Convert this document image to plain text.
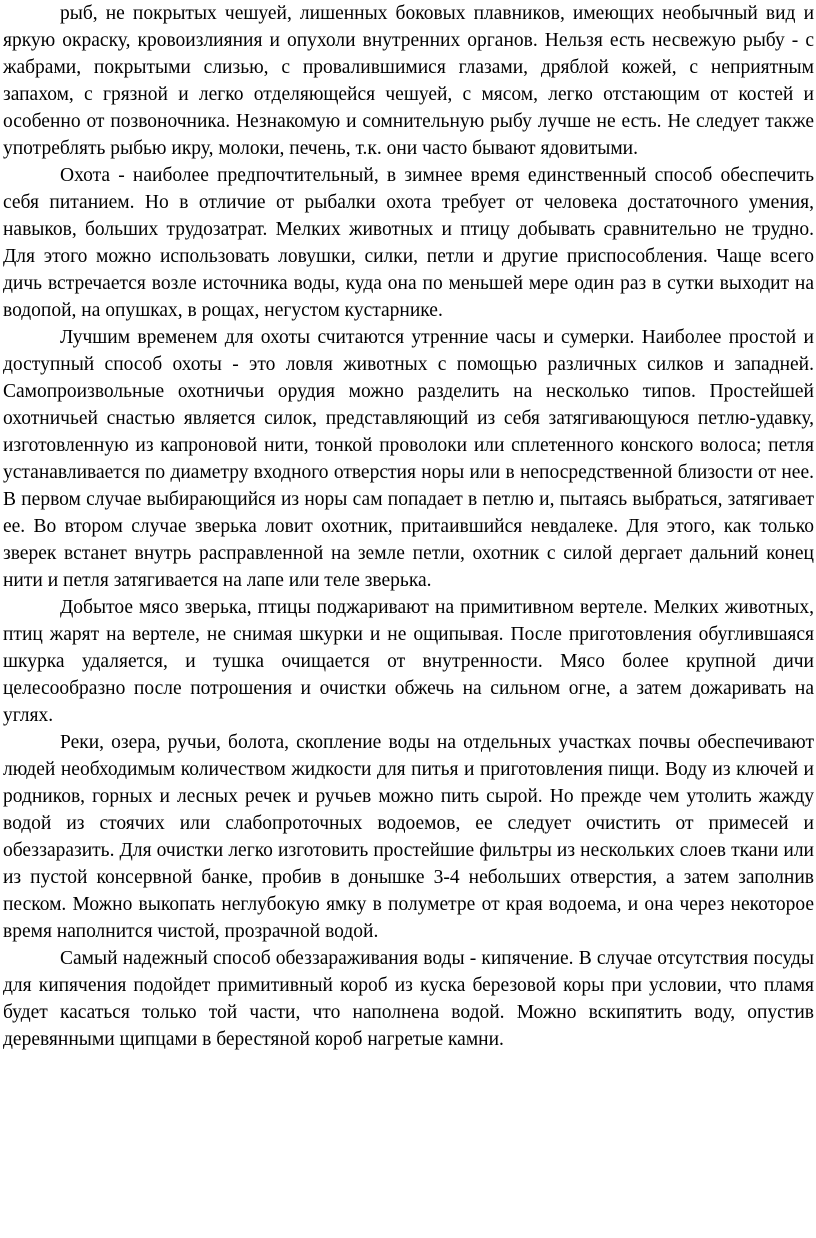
рыб, не покрытых чешуей, лишенных боковых плавников, имеющих необычный вид и яркую окраску, кровоизлияния и опухоли внутренних органов. Нельзя есть несвежую рыбу - с жабрами, покрытыми слизью, с провалившимися глазами, дряблой кожей, с неприятным запахом, с грязной и легко отделяющейся чешуей, с мясом, легко отстающим от костей и особенно от позвоночника. Незнакомую и сомнительную рыбу лучше не есть. Не следует также употреблять рыбью икру, молоки, печень, т.к. они часто бывают ядовитыми.

Охота - наиболее предпочтительный, в зимнее время единственный способ обеспечить себя питанием. Но в отличие от рыбалки охота требует от человека достаточного умения, навыков, больших трудозатрат. Мелких животных и птицу добывать сравнительно не трудно. Для этого можно использовать ловушки, силки, петли и другие приспособления. Чаще всего дичь встречается возле источника воды, куда она по меньшей мере один раз в сутки выходит на водопой, на опушках, в рощах, негустом кустарнике.

Лучшим временем для охоты считаются утренние часы и сумерки. Наиболее простой и доступный способ охоты - это ловля животных с помощью различных силков и западней. Самопроизвольные охотничьи орудия можно разделить на несколько типов. Простейшей охотничьей снастью является силок, представляющий из себя затягивающуюся петлю-удавку, изготовленную из капроновой нити, тонкой проволоки или сплетенного конского волоса; петля устанавливается по диаметру входного отверстия норы или в непосредственной близости от нее. В первом случае выбирающийся из норы сам попадает в петлю и, пытаясь выбраться, затягивает ее. Во втором случае зверька ловит охотник, притаившийся невдалеке. Для этого, как только зверек встанет внутрь расправленной на земле петли, охотник с силой дергает дальний конец нити и петля затягивается на лапе или теле зверька.

Добытое мясо зверька, птицы поджаривают на примитивном вертеле. Мелких животных, птиц жарят на вертеле, не снимая шкурки и не ощипывая. После приготовления обуглившаяся шкурка удаляется, и тушка очищается от внутренности. Мясо более крупной дичи целесообразно после потрошения и очистки обжечь на сильном огне, а затем дожаривать на углях.

Реки, озера, ручьи, болота, скопление воды на отдельных участках почвы обеспечивают людей необходимым количеством жидкости для питья и приготовления пищи. Воду из ключей и родников, горных и лесных речек и ручьев можно пить сырой. Но прежде чем утолить жажду водой из стоячих или слабопроточных водоемов, ее следует очистить от примесей и обеззаразить. Для очистки легко изготовить простейшие фильтры из нескольких слоев ткани или из пустой консервной банке, пробив в донышке 3-4 небольших отверстия, а затем заполнив песком. Можно выкопать неглубокую ямку в полуметре от края водоема, и она через некоторое время наполнится чистой, прозрачной водой.

Самый надежный способ обеззараживания воды - кипячение. В случае отсутствия посуды для кипячения подойдет примитивный короб из куска березовой коры при условии, что пламя будет касаться только той части, что наполнена водой. Можно вскипятить воду, опустив деревянными щипцами в берестяной короб нагретые камни.
